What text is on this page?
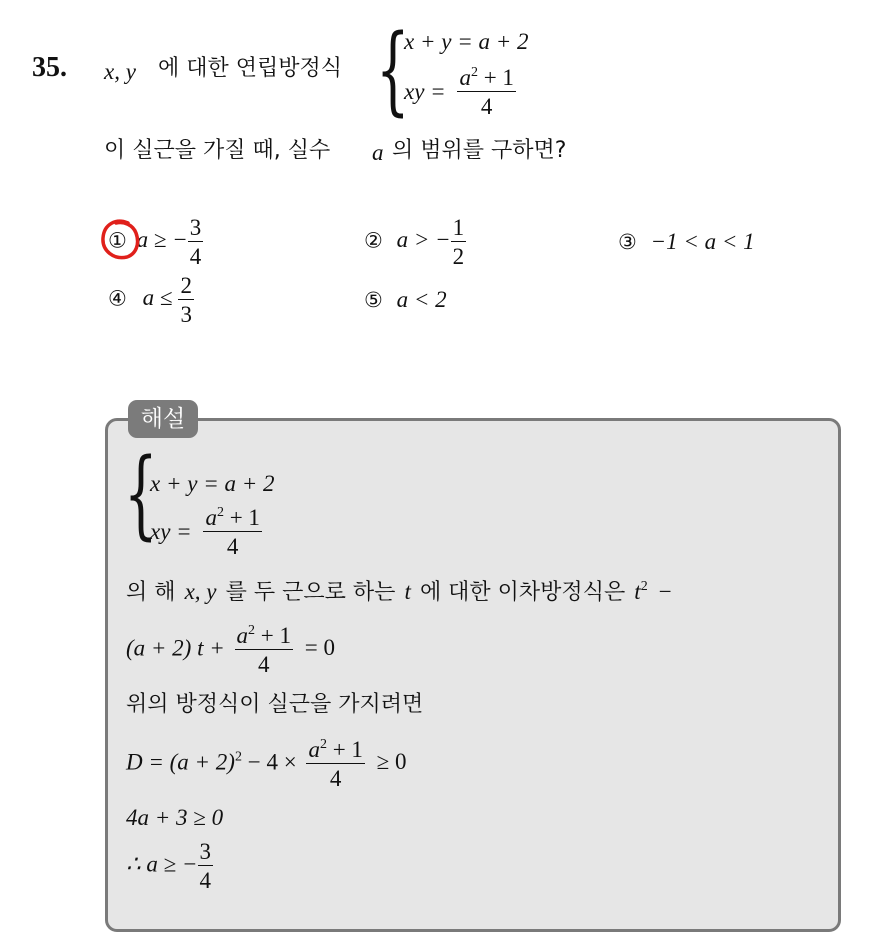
35. x, y 에 대한 연립방정식 {
x + y = a + 2
xy = $\frac{a^2 + 1}{4}$
이 실근을 가질 때, 실수 a 의 범위를 구하면?
① a ≥ − $\frac{3}{4}$	② a > − $\frac{1}{2}$	③ −1 < a < 1
④ $a \le \frac{2}{3}$	⑤ a < 2
해설
{
x + y = a + 2
xy = $\frac{a^2 + 1}{4}$
의 해 x, y 를 두 근으로 하는 t 에 대한 이차방정식은 $t^2$ −
(a + 2) $t + \frac{a^2 + 1}{4} = 0$
위의 방정식이 실근을 가지려면
$D = (a + 2)^2 - 4 \times \frac{a^2 + 1}{4} \ge 0$
4a + 3 ≥ 0
∴ a ≥ − $\frac{3}{4}$
